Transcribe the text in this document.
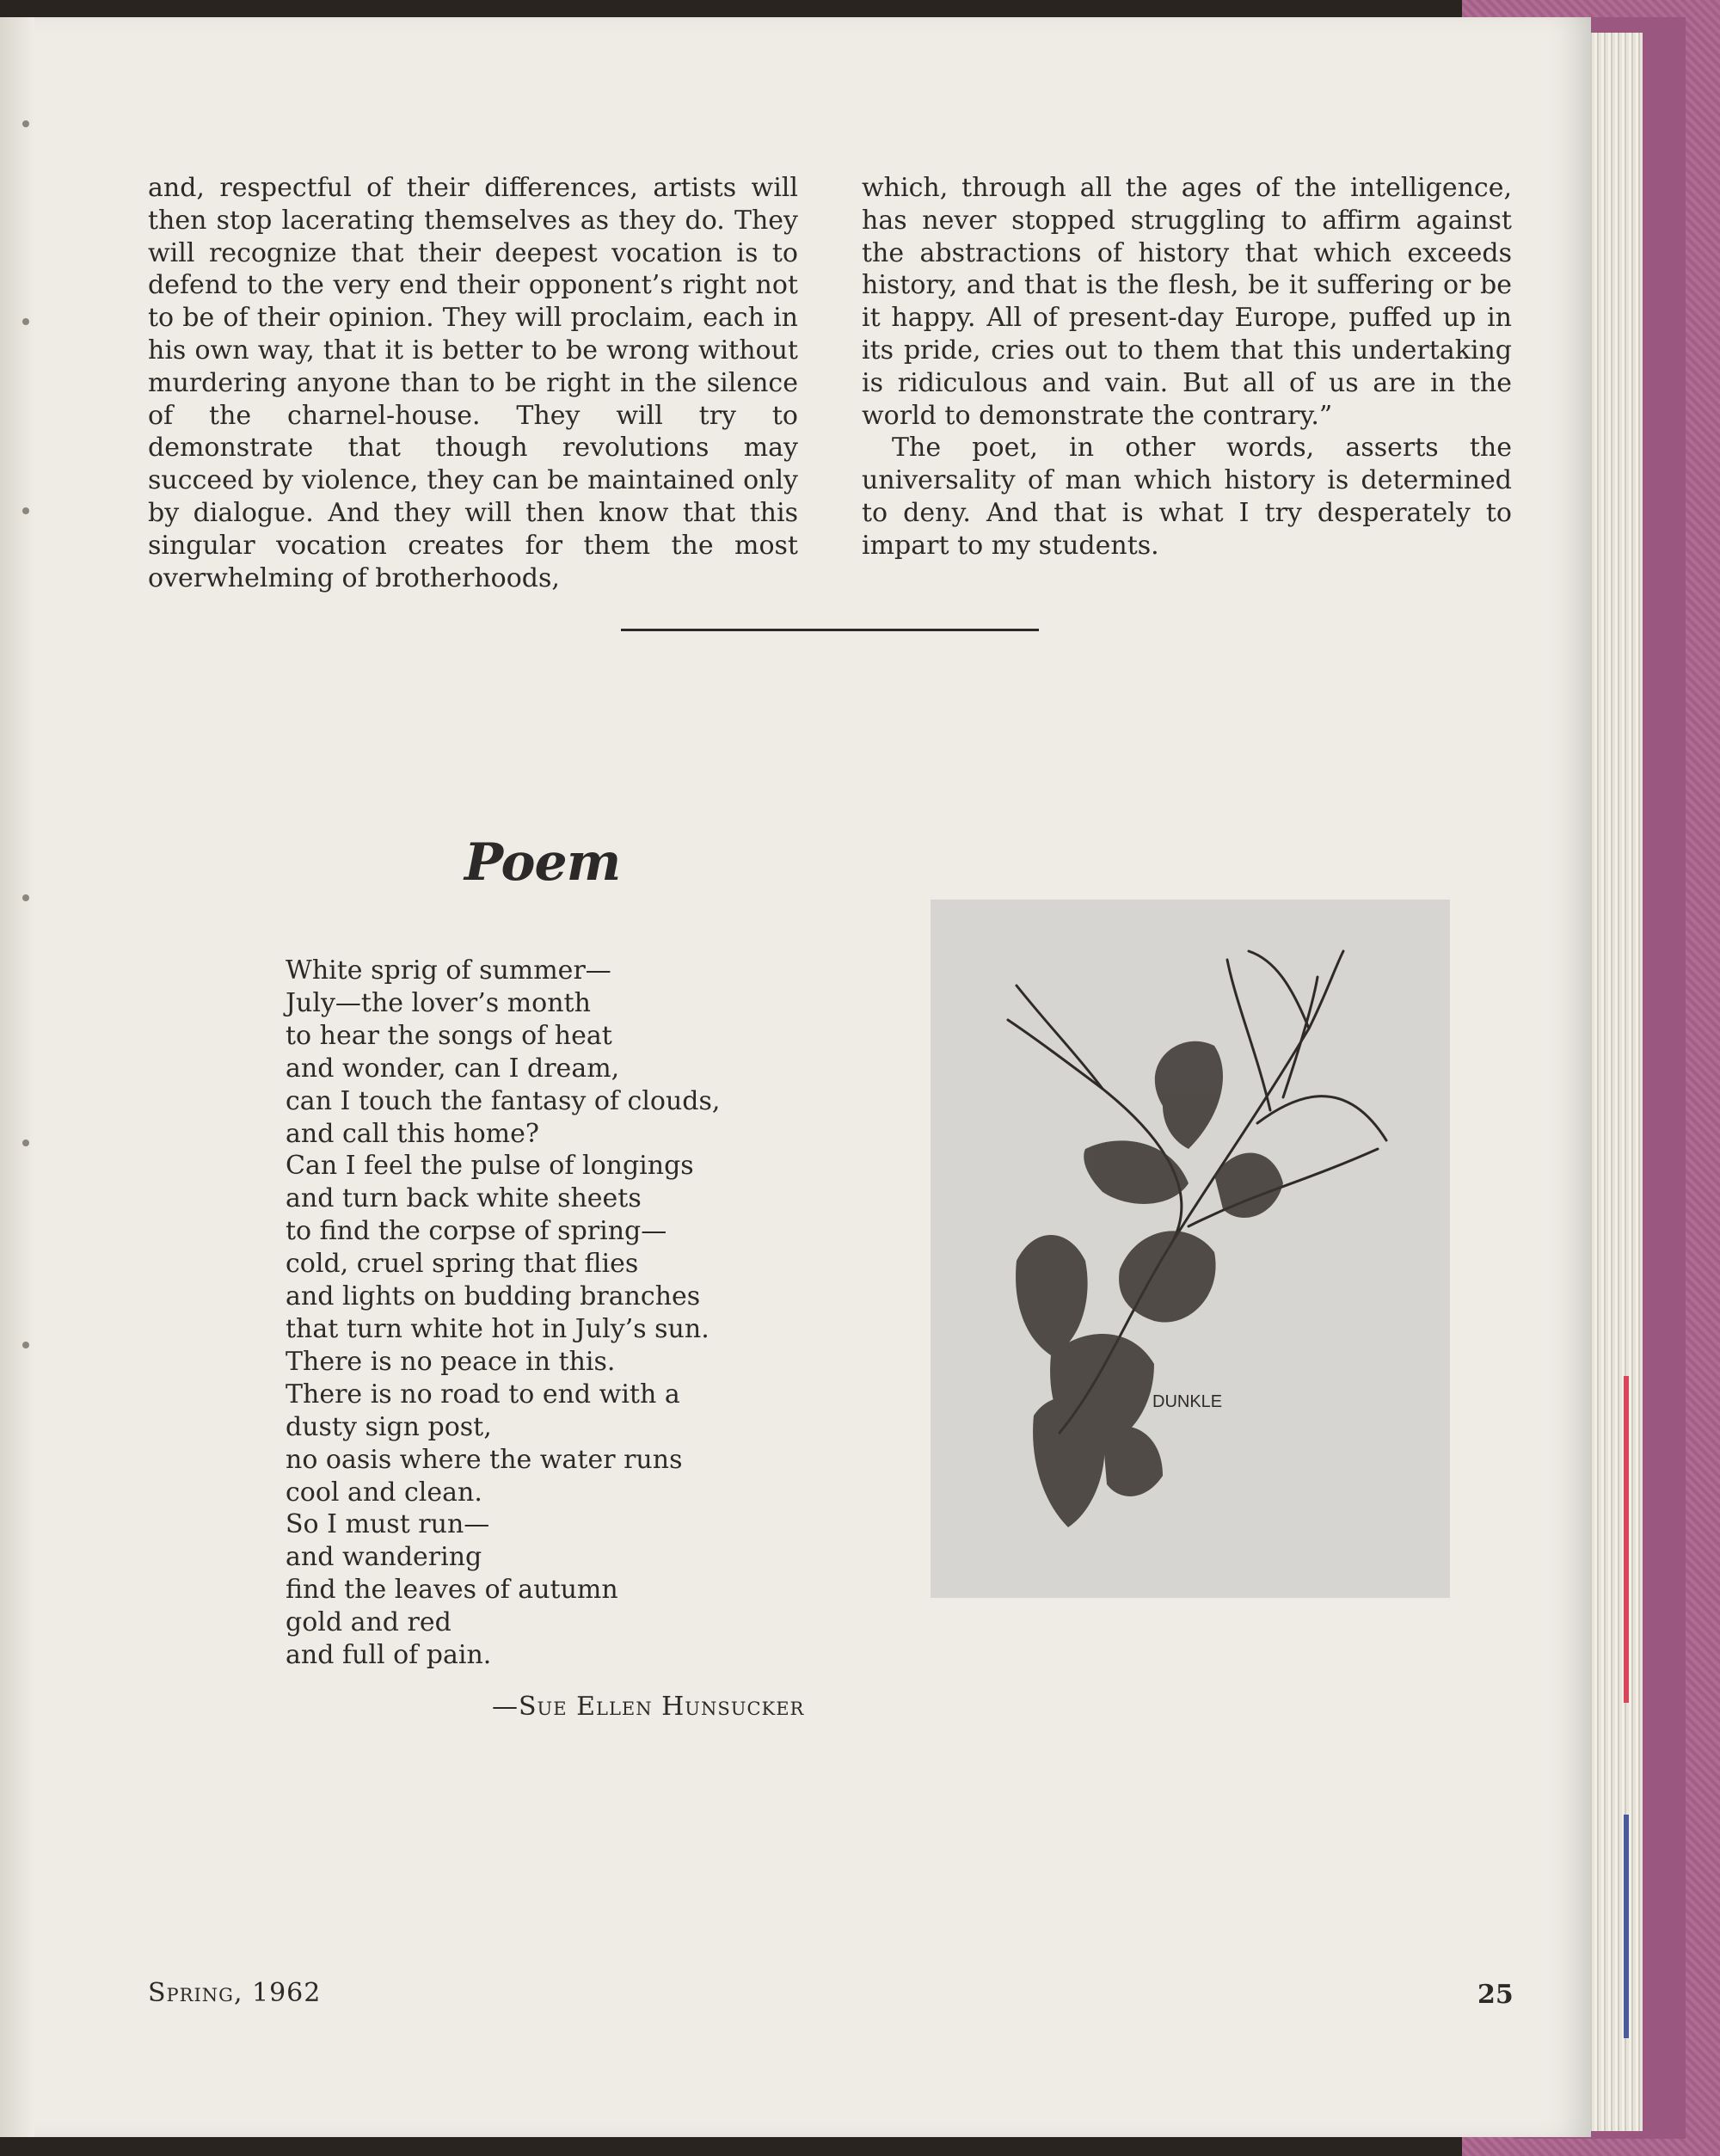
and, respectful of their differences, artists will then stop lacerating themselves as they do. They will recognize that their deepest vocation is to defend to the very end their opponent’s right not to be of their opinion. They will proclaim, each in his own way, that it is better to be wrong without murdering anyone than to be right in the silence of the charnel-house. They will try to demonstrate that though revolutions may succeed by violence, they can be maintained only by dialogue. And they will then know that this singular vocation creates for them the most overwhelming of brotherhoods,

which, through all the ages of the intelligence, has never stopped struggling to affirm against the abstractions of history that which exceeds history, and that is the flesh, be it suffering or be it happy. All of present-day Europe, puffed up in its pride, cries out to them that this undertaking is ridiculous and vain. But all of us are in the world to demonstrate the contrary.”

The poet, in other words, asserts the universality of man which history is determined to deny. And that is what I try desperately to impart to my students.

Poem
White sprig of summer—
July—the lover’s month
to hear the songs of heat
and wonder, can I dream,
can I touch the fantasy of clouds,
and call this home?
Can I feel the pulse of longings
and turn back white sheets
to find the corpse of spring—
cold, cruel spring that flies
and lights on budding branches
that turn white hot in July’s sun.
There is no peace in this.
There is no road to end with a
dusty sign post,
no oasis where the water runs
cool and clean.
So I must run—
and wandering
find the leaves of autumn
gold and red
and full of pain.
—Sue Ellen Hunsucker
DUNKLE
Spring, 1962	25
